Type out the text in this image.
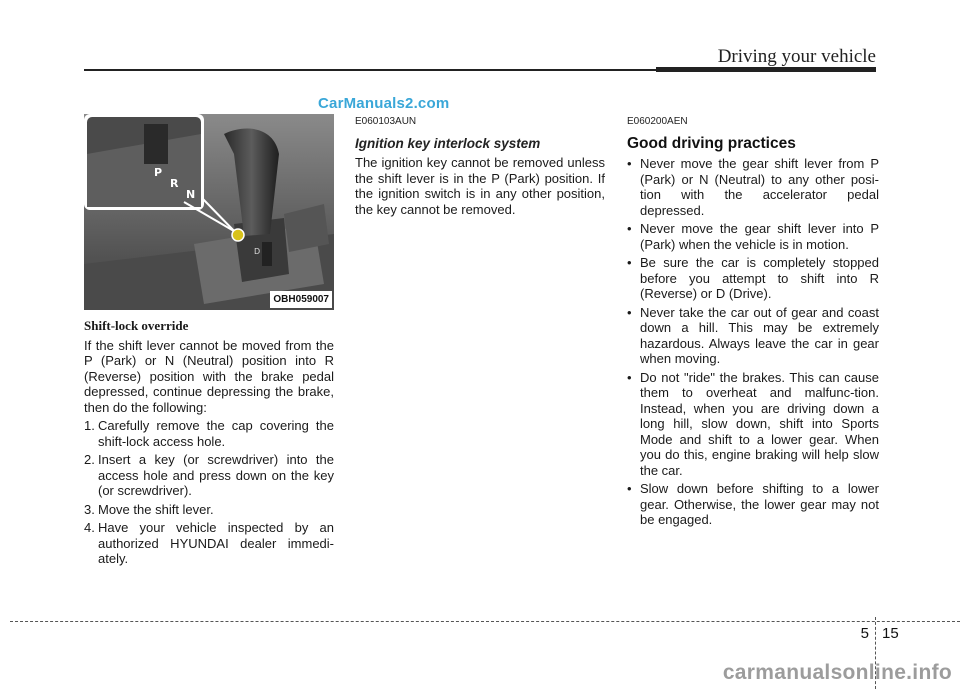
Driving your vehicle
CarManuals2.com
P
R
N
D
OBH059007
Shift-lock override

If the shift lever cannot be moved from the P (Park) or N (Neutral) position into R (Reverse) position with the brake pedal depressed, continue depressing the brake, then do the following:

1. Carefully remove the cap covering the shift-lock access hole.
2. Insert a key (or screwdriver) into the access hole and press down on the key (or screwdriver).
3. Move the shift lever.
4. Have your vehicle inspected by an authorized HYUNDAI dealer immedi-ately.
E060103AUN
Ignition key interlock system

The ignition key cannot be removed unless the shift lever is in the P (Park) position. If the ignition switch is in any other position, the key cannot be removed.

E060200AEN
Good driving practices
• Never move the gear shift lever from P (Park) or N (Neutral) to any other posi-tion with the accelerator pedal depressed.
• Never move the gear shift lever into P (Park) when the vehicle is in motion.
• Be sure the car is completely stopped before you attempt to shift into R (Reverse) or D (Drive).
• Never take the car out of gear and coast down a hill. This may be extremely hazardous. Always leave the car in gear when moving.
• Do not "ride" the brakes. This can cause them to overheat and malfunc-tion. Instead, when you are driving down a long hill, slow down, shift into Sports Mode and shift to a lower gear. When you do this, engine braking will help slow the car.
• Slow down before shifting to a lower gear. Otherwise, the lower gear may not be engaged.
5 15
carmanualsonline.info
